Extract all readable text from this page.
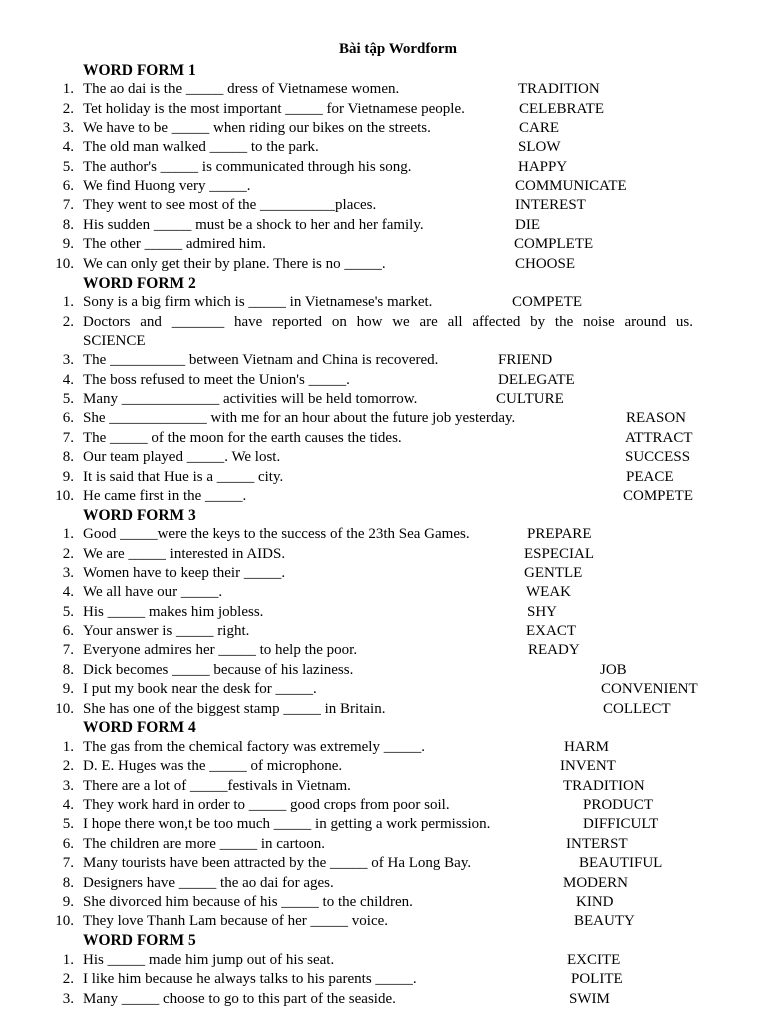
Bài tập Wordform
WORD FORM 1
1. The ao dai is the _____ dress of Vietnamese women.	TRADITION
2. Tet holiday is the most important _____ for Vietnamese people.	CELEBRATE
3. We have to be _____ when riding our bikes on the streets.	CARE
4. The old man walked _____ to the park.	SLOW
5. The author's _____ is communicated through his song.	HAPPY
6. We find Huong very _____.	COMMUNICATE
7. They went to see most of the __________places.	INTEREST
8. His sudden _____ must be a shock to her and her family.	DIE
9. The other _____ admired him.	COMPLETE
10. We can only get their by plane. There is no _____.	CHOOSE
WORD FORM 2
1. Sony is a big firm which is _____ in Vietnamese's market.	COMPETE
2. Doctors and _______ have reported on how we are all affected by the noise around us.
SCIENCE
3. The __________ between Vietnam and China is recovered.	FRIEND
4. The boss refused to meet the Union's _____.	DELEGATE
5. Many _____________ activities will be held tomorrow.	CULTURE
6. She _____________ with me for an hour about the future job yesterday.	REASON
7. The _____ of the moon for the earth causes the tides.	ATTRACT
8. Our team played _____. We lost.	SUCCESS
9. It is said that Hue is a _____ city.	PEACE
10. He came first in the _____.	COMPETE
WORD FORM 3
1. Good _____were the keys to the success of the 23th Sea Games.	PREPARE
2. We are _____ interested in AIDS.	ESPECIAL
3. Women have to keep their _____.	GENTLE
4. We all have our _____.	WEAK
5. His _____ makes him jobless.	SHY
6. Your answer is _____ right.	EXACT
7. Everyone admires her _____ to help the poor.	READY
8. Dick becomes _____ because of his laziness.	JOB
9. I put my book near the desk for _____.	CONVENIENT
10. She has one of the biggest stamp _____ in Britain.	COLLECT
WORD FORM 4
1. The gas from the chemical factory was extremely _____.	HARM
2. D. E. Huges was the _____ of microphone.	INVENT
3. There are a lot of _____festivals in Vietnam.	TRADITION
4. They work hard in order to _____ good crops from poor soil.	PRODUCT
5. I hope there won,t be too much _____ in getting a work permission.	DIFFICULT
6. The children are more _____ in cartoon.	INTERST
7. Many tourists have been attracted by the _____ of Ha Long Bay.	BEAUTIFUL
8. Designers have _____ the ao dai for ages.	MODERN
9. She divorced him because of his _____ to the children.	KIND
10. They love Thanh Lam because of her _____ voice.	BEAUTY
WORD FORM 5
1. His _____ made him jump out of his seat.	EXCITE
2. I like him because he always talks to his parents _____.	POLITE
3. Many _____ choose to go to this part of the seaside.	SWIM
